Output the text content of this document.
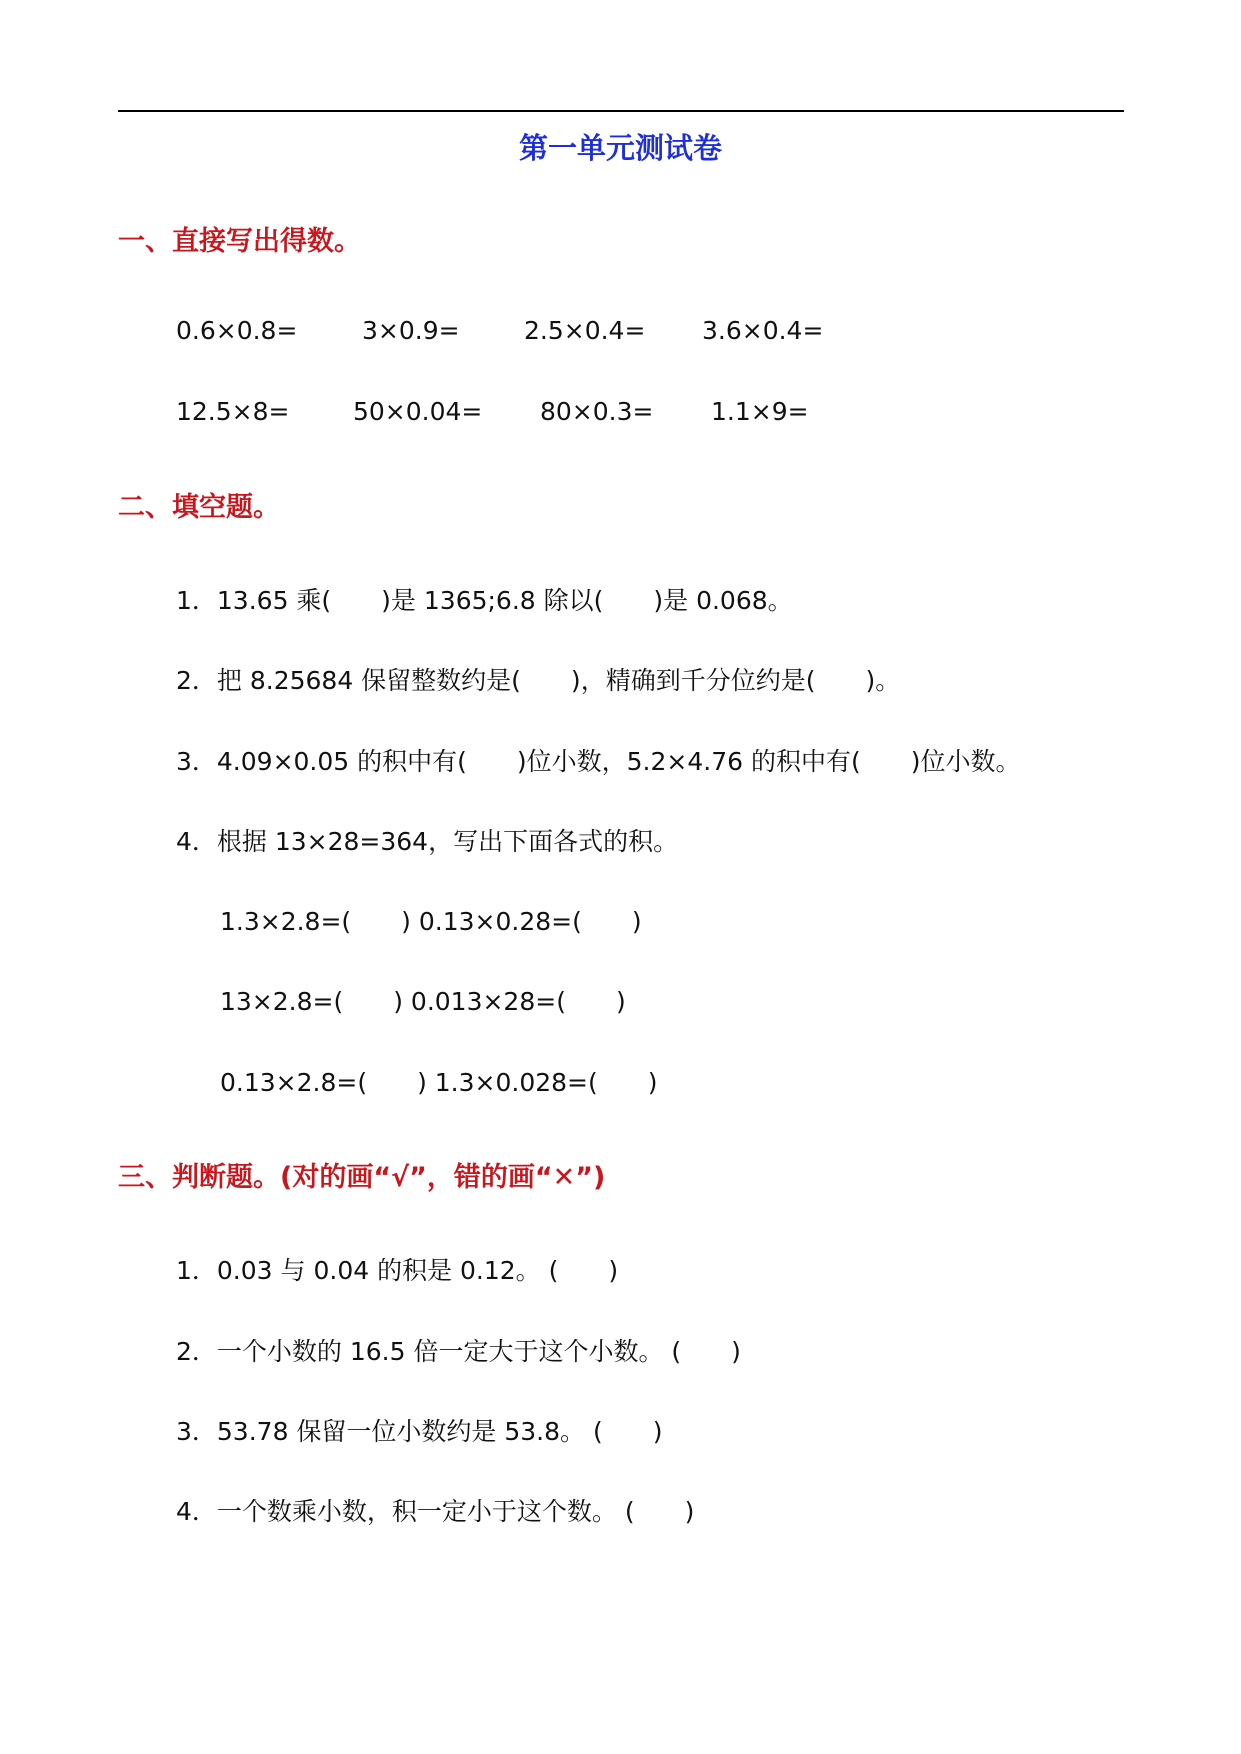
第一单元测试卷
一、直接写出得数。
0.6×0.8=	3×0.9=	2.5×0.4= 3.6×0.4=
12.5×8=	50×0.04= 80×0.3= 1.1×9=
二、填空题。
1．13.65 乘(　　)是 1365;6.8 除以(　　)是 0.068。
2．把 8.25684 保留整数约是(　　)，精确到千分位约是(　　)。
3．4.09×0.05 的积中有(　　)位小数，5.2×4.76 的积中有(　　)位小数。
4．根据 13×28=364，写出下面各式的积。
1.3×2.8=(　　) 0.13×0.28=(　　)
13×2.8=(　　) 0.013×28=(　　)
0.13×2.8=(　　) 1.3×0.028=(　　)
三、判断题。(对的画“√”，错的画“✕”)
1．0.03 与 0.04 的积是 0.12。 (　　)
2．一个小数的 16.5 倍一定大于这个小数。 (　　)
3．53.78 保留一位小数约是 53.8。 (　　)
4．一个数乘小数，积一定小于这个数。 (　　)
